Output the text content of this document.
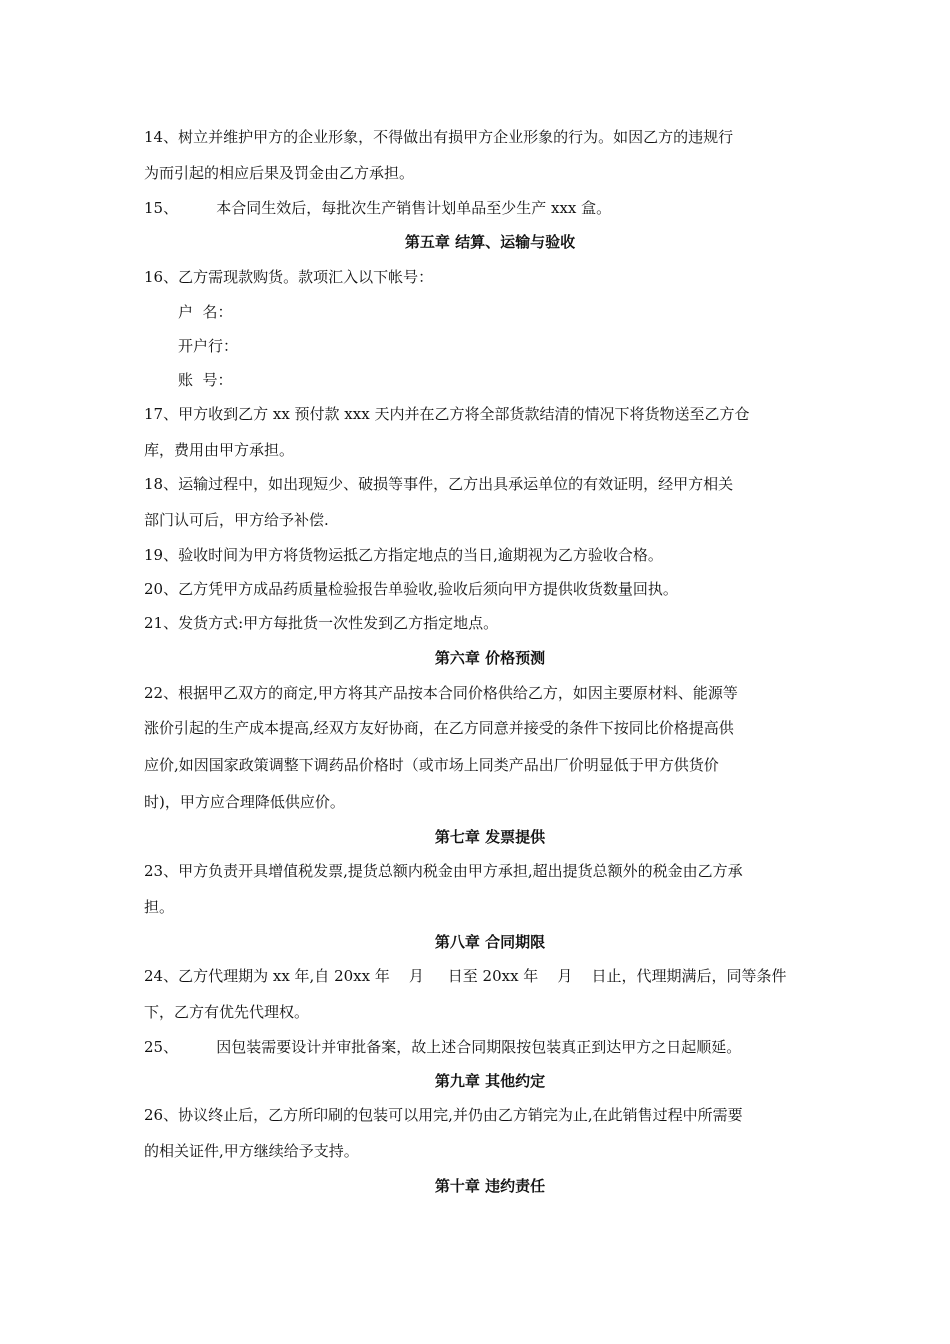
14、树立并维护甲方的企业形象，不得做出有损甲方企业形象的行为。如因乙方的违规行
为而引起的相应后果及罚金由乙方承担。
15、        本合同生效后，每批次生产销售计划单品至少生产 xxx 盒。
第五章 结算、运输与验收
16、乙方需现款购货。款项汇入以下帐号：
户  名：
开户行：
账  号：
17、甲方收到乙方 xx 预付款 xxx 天内并在乙方将全部货款结清的情况下将货物送至乙方仓
库，费用由甲方承担。
18、运输过程中，如出现短少、破损等事件，乙方出具承运单位的有效证明，经甲方相关
部门认可后，甲方给予补偿.
19、验收时间为甲方将货物运抵乙方指定地点的当日,逾期视为乙方验收合格。
20、乙方凭甲方成品药质量检验报告单验收,验收后须向甲方提供收货数量回执。
21、发货方式:甲方每批货一次性发到乙方指定地点。
第六章 价格预测
22、根据甲乙双方的商定,甲方将其产品按本合同价格供给乙方，如因主要原材料、能源等
涨价引起的生产成本提高,经双方友好协商，在乙方同意并接受的条件下按同比价格提高供
应价,如因国家政策调整下调药品价格时（或市场上同类产品出厂价明显低于甲方供货价
时)，甲方应合理降低供应价。
第七章 发票提供
23、甲方负责开具增值税发票,提货总额内税金由甲方承担,超出提货总额外的税金由乙方承
担。
第八章 合同期限
24、乙方代理期为 xx 年,自 20xx 年    月     日至 20xx 年    月    日止，代理期满后，同等条件
下，乙方有优先代理权。
25、        因包装需要设计并审批备案，故上述合同期限按包装真正到达甲方之日起顺延。
第九章 其他约定
26、协议终止后，乙方所印刷的包装可以用完,并仍由乙方销完为止,在此销售过程中所需要
的相关证件,甲方继续给予支持。
第十章 违约责任
